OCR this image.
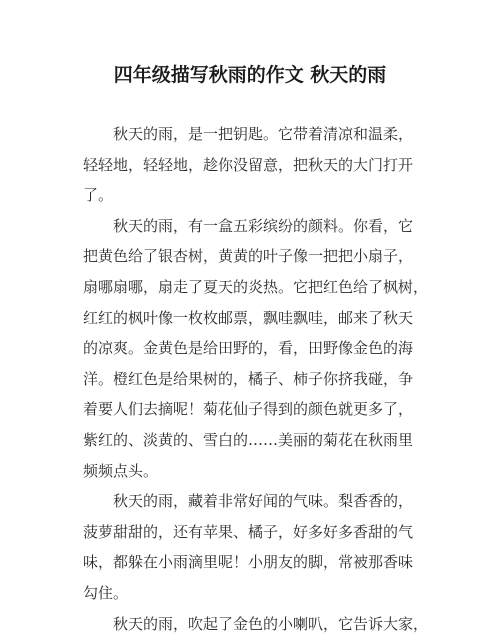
四年级描写秋雨的作文 秋天的雨
秋天的雨，是一把钥匙。它带着清凉和温柔，
轻轻地，轻轻地，趁你没留意，把秋天的大门打开
了。
秋天的雨，有一盒五彩缤纷的颜料。你看，它
把黄色给了银杏树，黄黄的叶子像一把把小扇子，
扇哪扇哪，扇走了夏天的炎热。它把红色给了枫树，
红红的枫叶像一枚枚邮票，飘哇飘哇，邮来了秋天
的凉爽。金黄色是给田野的，看，田野像金色的海
洋。橙红色是给果树的，橘子、柿子你挤我碰，争
着要人们去摘呢！菊花仙子得到的颜色就更多了，
紫红的、淡黄的、雪白的……美丽的菊花在秋雨里
频频点头。
秋天的雨，藏着非常好闻的气味。梨香香的，
菠萝甜甜的，还有苹果、橘子，好多好多香甜的气
味，都躲在小雨滴里呢！小朋友的脚，常被那香味
勾住。
秋天的雨，吹起了金色的小喇叭，它告诉大家，
